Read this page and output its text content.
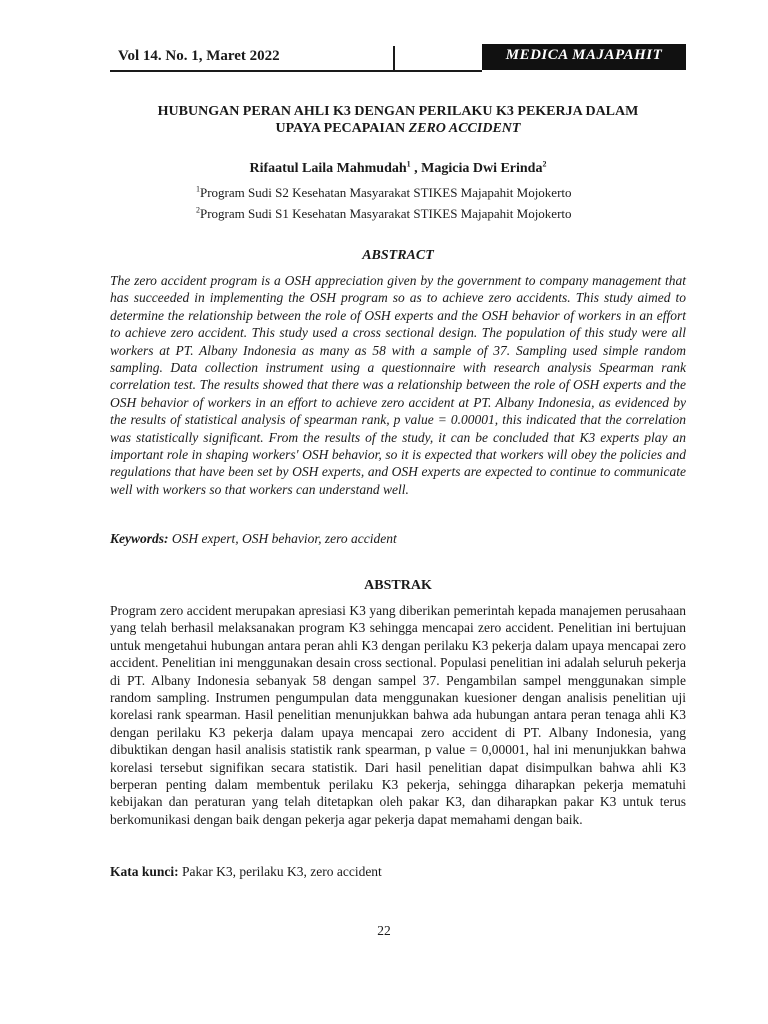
Vol 14. No. 1, Maret 2022	MEDICA MAJAPAHIT
HUBUNGAN PERAN AHLI K3 DENGAN PERILAKU K3 PEKERJA DALAM
UPAYA PECAPAIAN ZERO ACCIDENT
Rifaatul Laila Mahmudah$^1$ , Magicia Dwi Erinda$^2$
$^1$Program Sudi S2 Kesehatan Masyarakat STIKES Majapahit Mojokerto
$^2$Program Sudi S1 Kesehatan Masyarakat STIKES Majapahit Mojokerto
ABSTRACT
The zero accident program is a OSH appreciation given by the government to company management that has succeeded in implementing the OSH program so as to achieve zero accidents. This study aimed to determine the relationship between the role of OSH experts and the OSH behavior of workers in an effort to achieve zero accident. This study used a cross sectional design. The population of this study were all workers at PT. Albany Indonesia as many as 58 with a sample of 37. Sampling used simple random sampling. Data collection instrument using a questionnaire with research analysis Spearman rank correlation test. The results showed that there was a relationship between the role of OSH experts and the OSH behavior of workers in an effort to achieve zero accident at PT. Albany Indonesia, as evidenced by the results of statistical analysis of spearman rank, p value = 0.00001, this indicated that the correlation was statistically significant. From the results of the study, it can be concluded that K3 experts play an important role in shaping workers' OSH behavior, so it is expected that workers will obey the policies and regulations that have been set by OSH experts, and OSH experts are expected to continue to communicate well with workers so that workers can understand well.
Keywords: OSH expert, OSH behavior, zero accident
ABSTRAK
Program zero accident merupakan apresiasi K3 yang diberikan pemerintah kepada manajemen perusahaan yang telah berhasil melaksanakan program K3 sehingga mencapai zero accident. Penelitian ini bertujuan untuk mengetahui hubungan antara peran ahli K3 dengan perilaku K3 pekerja dalam upaya mencapai zero accident. Penelitian ini menggunakan desain cross sectional. Populasi penelitian ini adalah seluruh pekerja di PT. Albany Indonesia sebanyak 58 dengan sampel 37. Pengambilan sampel menggunakan simple random sampling. Instrumen pengumpulan data menggunakan kuesioner dengan analisis penelitian uji korelasi rank spearman. Hasil penelitian menunjukkan bahwa ada hubungan antara peran tenaga ahli K3 dengan perilaku K3 pekerja dalam upaya mencapai zero accident di PT. Albany Indonesia, yang dibuktikan dengan hasil analisis statistik rank spearman, p value = 0,00001, hal ini menunjukkan bahwa korelasi tersebut signifikan secara statistik. Dari hasil penelitian dapat disimpulkan bahwa ahli K3 berperan penting dalam membentuk perilaku K3 pekerja, sehingga diharapkan pekerja mematuhi kebijakan dan peraturan yang telah ditetapkan oleh pakar K3, dan diharapkan pakar K3 untuk terus berkomunikasi dengan baik dengan pekerja agar pekerja dapat memahami dengan baik.
Kata kunci: Pakar K3, perilaku K3, zero accident
22
